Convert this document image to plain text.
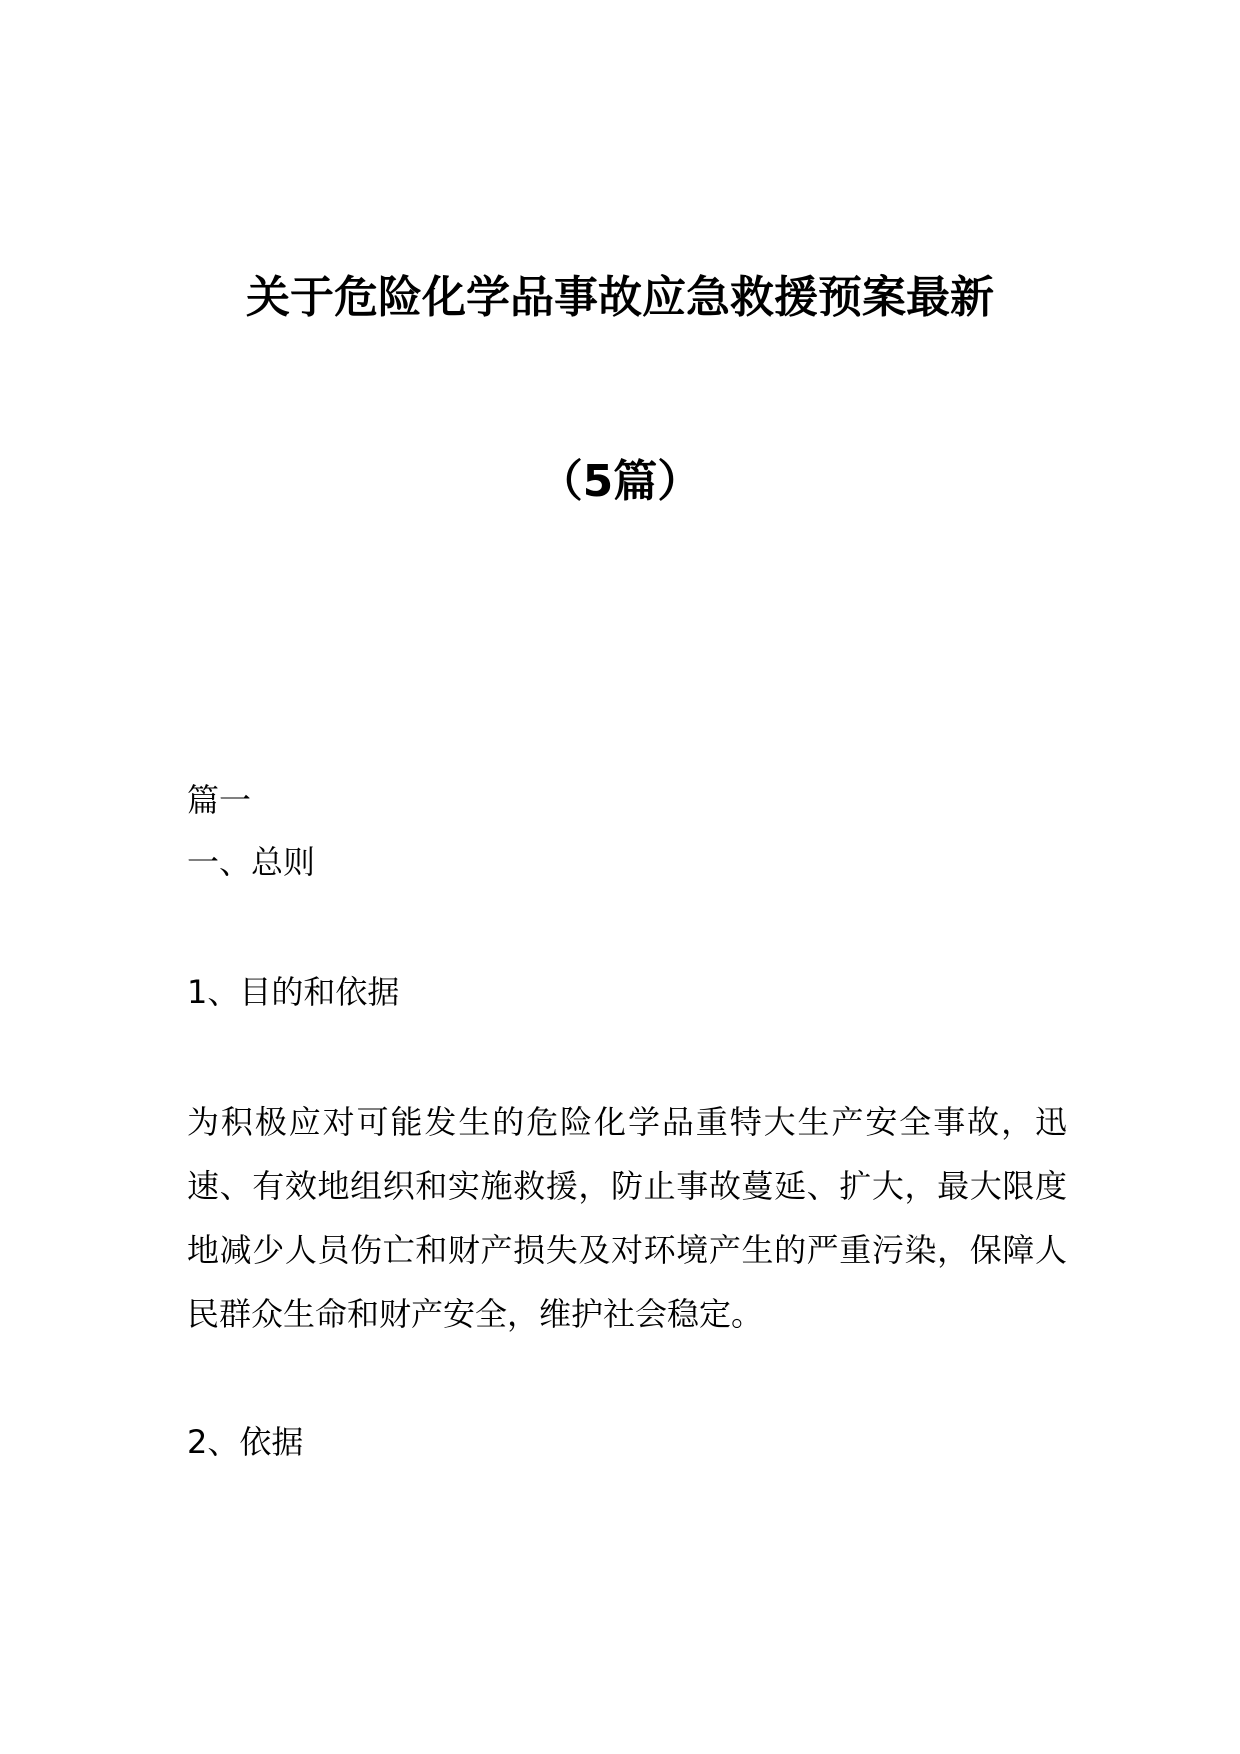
关于危险化学品事故应急救援预案最新
（5篇）

篇一

一、总则

1、目的和依据

为积极应对可能发生的危险化学品重特大生产安全事故，迅速、有效地组织和实施救援，防止事故蔓延、扩大，最大限度地减少人员伤亡和财产损失及对环境产生的严重污染，保障人民群众生命和财产安全，维护社会稳定。

2、依据
